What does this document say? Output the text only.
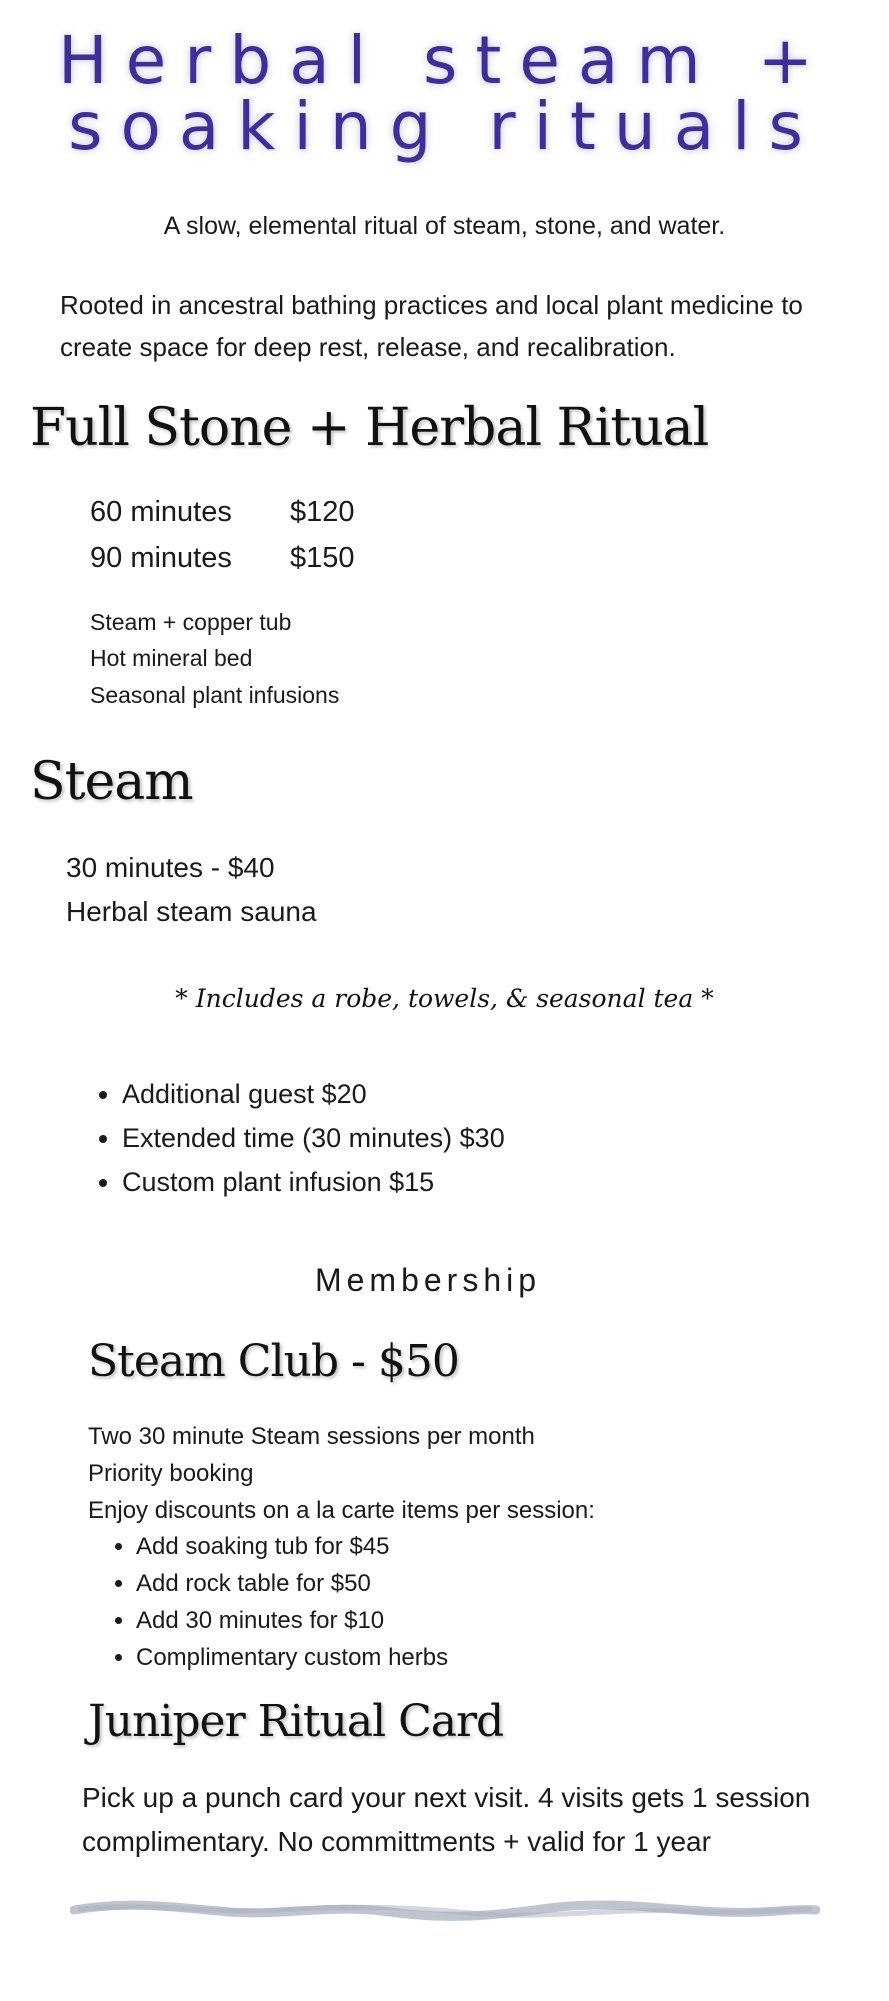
Herbal steam +
soaking rituals
A slow, elemental ritual of steam, stone, and water.
Rooted in ancestral bathing practices and local plant medicine to create space for deep rest, release, and recalibration.
Full Stone + Herbal Ritual
60 minutes $120
90 minutes $150
Steam + copper tub
Hot mineral bed
Seasonal plant infusions
Steam
30 minutes - $40
Herbal steam sauna
* Includes a robe, towels, & seasonal tea *
• Additional guest $20
• Extended time (30 minutes) $30
• Custom plant infusion $15
Membership
Steam Club - $50
Two 30 minute Steam sessions per month
Priority booking
Enjoy discounts on a la carte items per session:
• Add soaking tub for $45
• Add rock table for $50
• Add 30 minutes for $10
• Complimentary custom herbs
Juniper Ritual Card
Pick up a punch card your next visit. 4 visits gets 1 session complimentary. No committments + valid for 1 year
